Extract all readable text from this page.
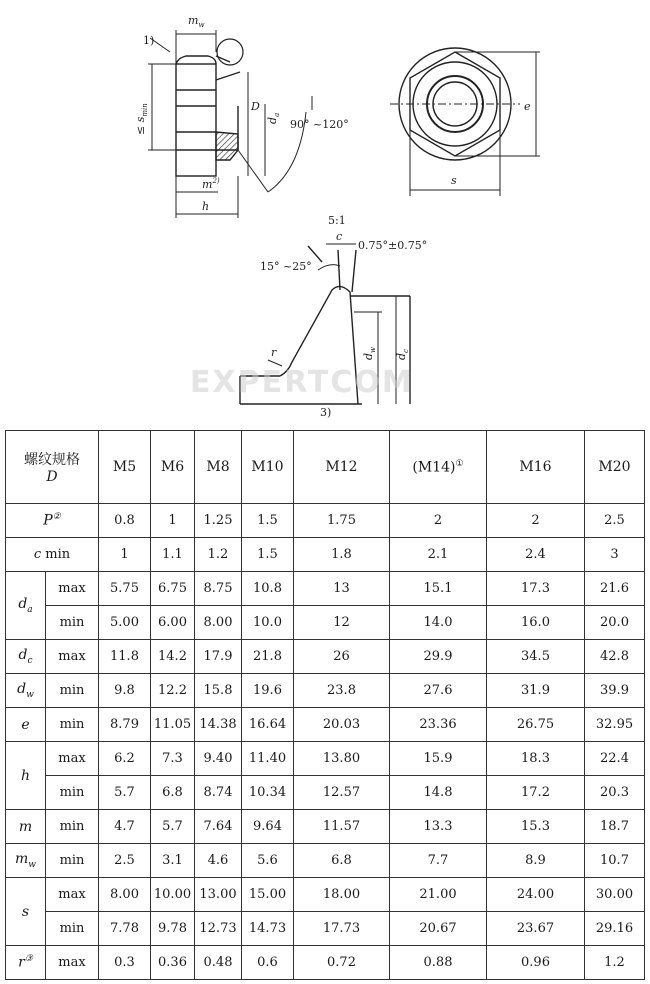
$m_w$
1)
≤ $s_{min}$	D
$d_a$
90° ~120°
$m^{2)}$
h
e
s
5:1
c
0.75°±0.75°
15° ~25°
r	$d_w$
$d_c$
3)
EXPERTCOM
螺纹规格
D		M5	M6	M8	M10	M12	(M14)①	M16	M20
P②		0.8	1	1.25	1.5	1.75	2	2	2.5
c min		1	1.1	1.2	1.5	1.8	2.1	2.4	3
$d_a$	max	5.75	6.75	8.75	10.8	13	15.1	17.3	21.6
	min	5.00	6.00	8.00	10.0	12	14.0	16.0	20.0
$d_c$	max	11.8	14.2	17.9	21.8	26	29.9	34.5	42.8
$d_w$	min	9.8	12.2	15.8	19.6	23.8	27.6	31.9	39.9
e	min	8.79	11.05	14.38	16.64	20.03	23.36	26.75	32.95
h	max	6.2	7.3	9.40	11.40	13.80	15.9	18.3	22.4
	min	5.7	6.8	8.74	10.34	12.57	14.8	17.2	20.3
m	min	4.7	5.7	7.64	9.64	11.57	13.3	15.3	18.7
$m_w$	min	2.5	3.1	4.6	5.6	6.8	7.7	8.9	10.7
s	max	8.00	10.00	13.00	15.00	18.00	21.00	24.00	30.00
	min	7.78	9.78	12.73	14.73	17.73	20.67	23.67	29.16
r③	max	0.3	0.36	0.48	0.6	0.72	0.88	0.96	1.2
